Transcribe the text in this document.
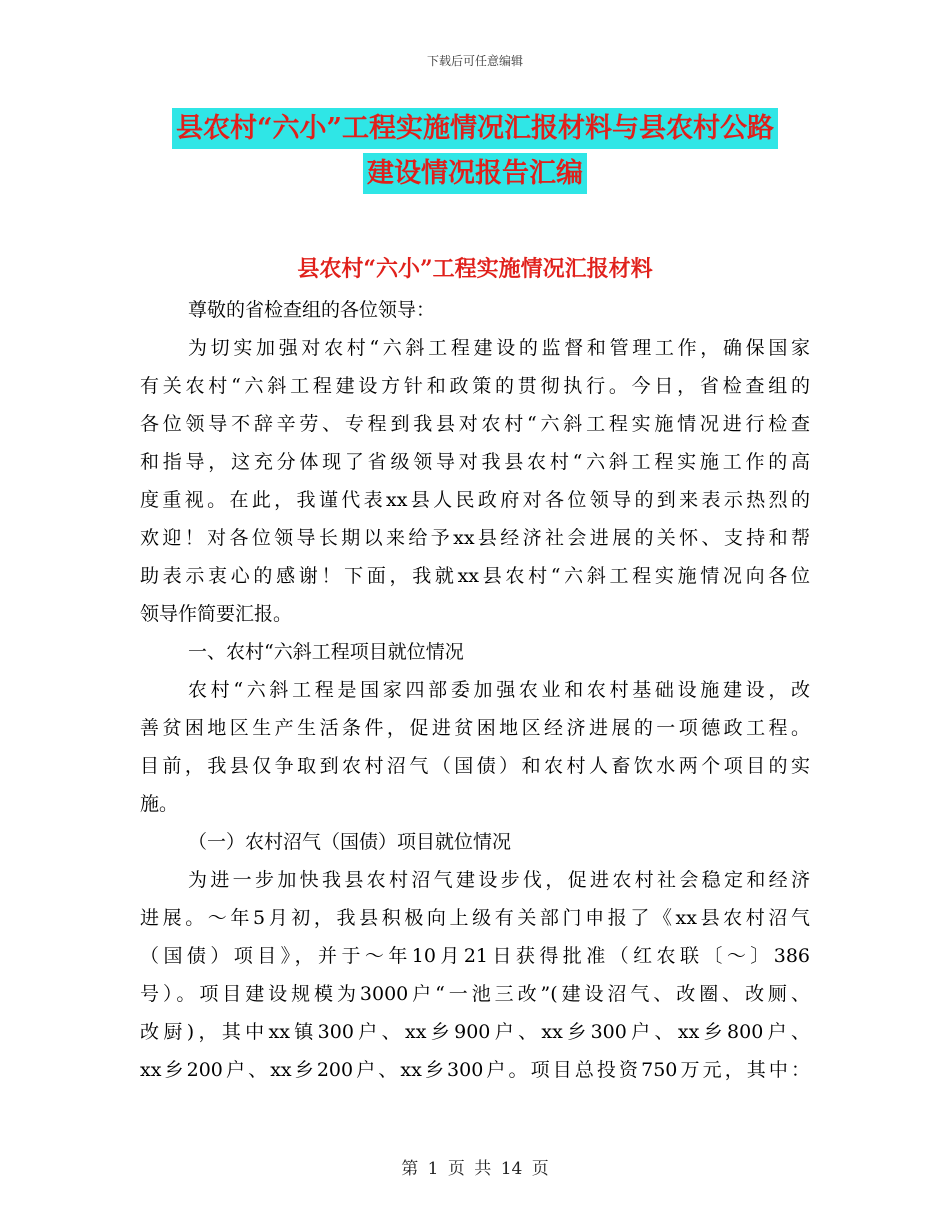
下载后可任意编辑
县农村“六小”工程实施情况汇报材料与县农村公路
建设情况报告汇编
县农村“六小”工程实施情况汇报材料
尊敬的省检查组的各位领导：
为切实加强对农村“六斜工程建设的监督和管理工作，确保国家
有关农村“六斜工程建设方针和政策的贯彻执行。今日，省检查组的
各位领导不辞辛劳、专程到我县对农村“六斜工程实施情况进行检查
和指导，这充分体现了省级领导对我县农村“六斜工程实施工作的高
度重视。在此，我谨代表xx县人民政府对各位领导的到来表示热烈的
欢迎！对各位领导长期以来给予xx县经济社会进展的关怀、支持和帮
助表示衷心的感谢！下面，我就xx县农村“六斜工程实施情况向各位
领导作简要汇报。
一、农村“六斜工程项目就位情况
农村“六斜工程是国家四部委加强农业和农村基础设施建设，改
善贫困地区生产生活条件，促进贫困地区经济进展的一项德政工程。
目前，我县仅争取到农村沼气（国债）和农村人畜饮水两个项目的实
施。
（一）农村沼气（国债）项目就位情况
为进一步加快我县农村沼气建设步伐，促进农村社会稳定和经济
进展。～年5月初，我县积极向上级有关部门申报了《xx县农村沼气
（国债）项目》，并于～年10月21日获得批准（红农联〔～〕386
号）。项目建设规模为3000户“一池三改”(建设沼气、改圈、改厕、
改厨)，其中xx镇300户、xx乡900户、xx乡300户、xx乡800户、
xx乡200户、xx乡200户、xx乡300户。项目总投资750万元，其中：
第 1 页 共 14 页
